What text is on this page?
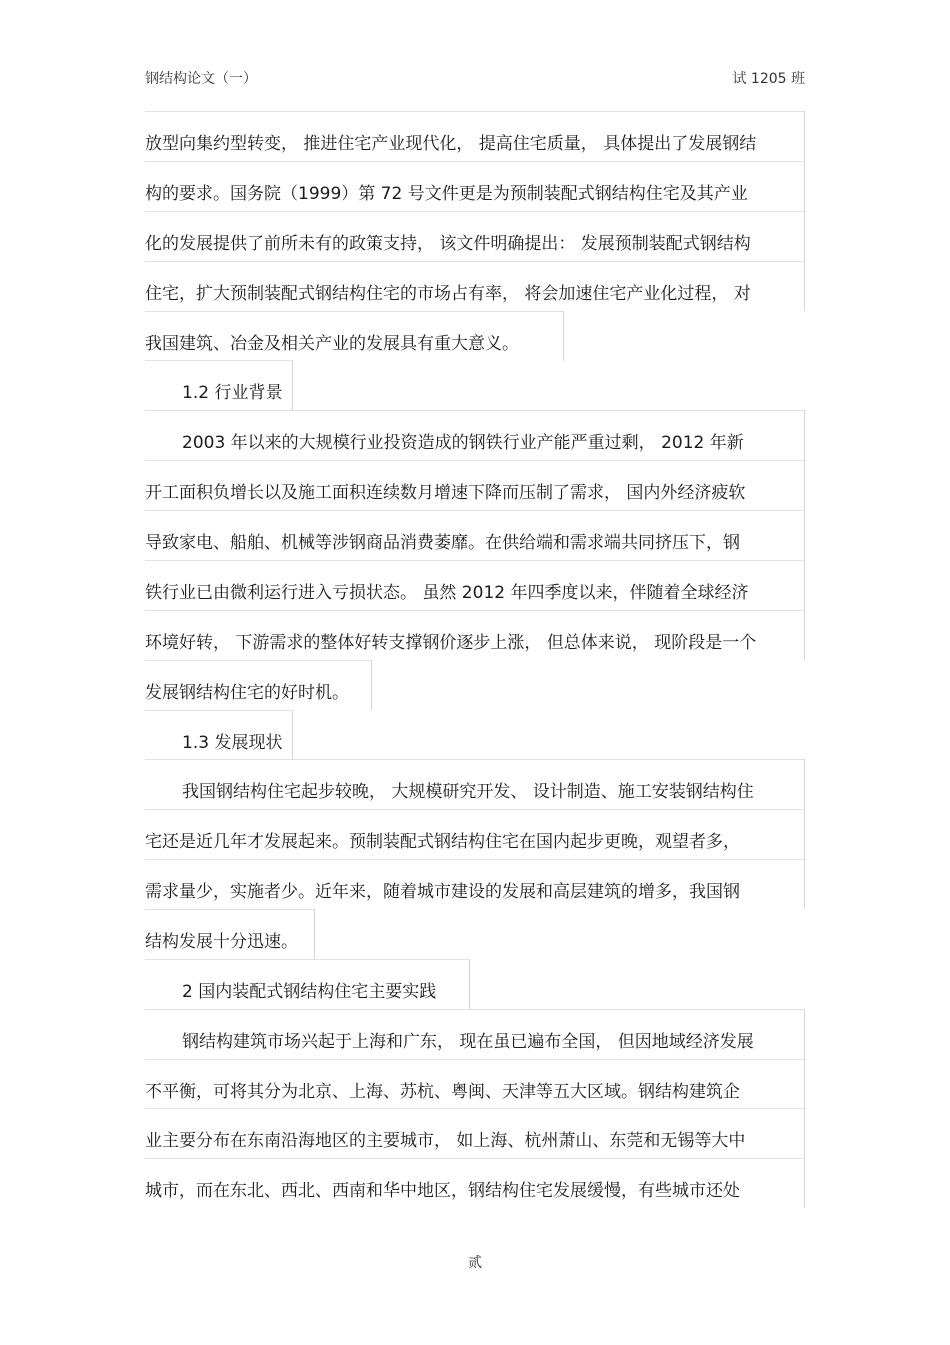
钢结构论文（一）	试 1205 班
放型向集约型转变， 推进住宅产业现代化， 提高住宅质量， 具体提出了发展钢结
构的要求。国务院（1999）第 72 号文件更是为预制装配式钢结构住宅及其产业
化的发展提供了前所未有的政策支持， 该文件明确提出： 发展预制装配式钢结构
住宅，扩大预制装配式钢结构住宅的市场占有率， 将会加速住宅产业化过程， 对
我国建筑、冶金及相关产业的发展具有重大意义。
1.2 行业背景
2003 年以来的大规模行业投资造成的钢铁行业产能严重过剩， 2012 年新
开工面积负增长以及施工面积连续数月增速下降而压制了需求， 国内外经济疲软
导致家电、船舶、机械等涉钢商品消费萎靡。在供给端和需求端共同挤压下，钢
铁行业已由微利运行进入亏损状态。 虽然 2012 年四季度以来，伴随着全球经济
环境好转， 下游需求的整体好转支撑钢价逐步上涨， 但总体来说， 现阶段是一个
发展钢结构住宅的好时机。
1.3 发展现状
我国钢结构住宅起步较晚， 大规模研究开发、 设计制造、施工安装钢结构住
宅还是近几年才发展起来。预制装配式钢结构住宅在国内起步更晚，观望者多，
需求量少，实施者少。近年来，随着城市建设的发展和高层建筑的增多，我国钢
结构发展十分迅速。
2 国内装配式钢结构住宅主要实践
钢结构建筑市场兴起于上海和广东， 现在虽已遍布全国， 但因地域经济发展
不平衡，可将其分为北京、上海、苏杭、粤闽、天津等五大区域。钢结构建筑企
业主要分布在东南沿海地区的主要城市， 如上海、杭州萧山、东莞和无锡等大中
城市，而在东北、西北、西南和华中地区，钢结构住宅发展缓慢，有些城市还处
贰
